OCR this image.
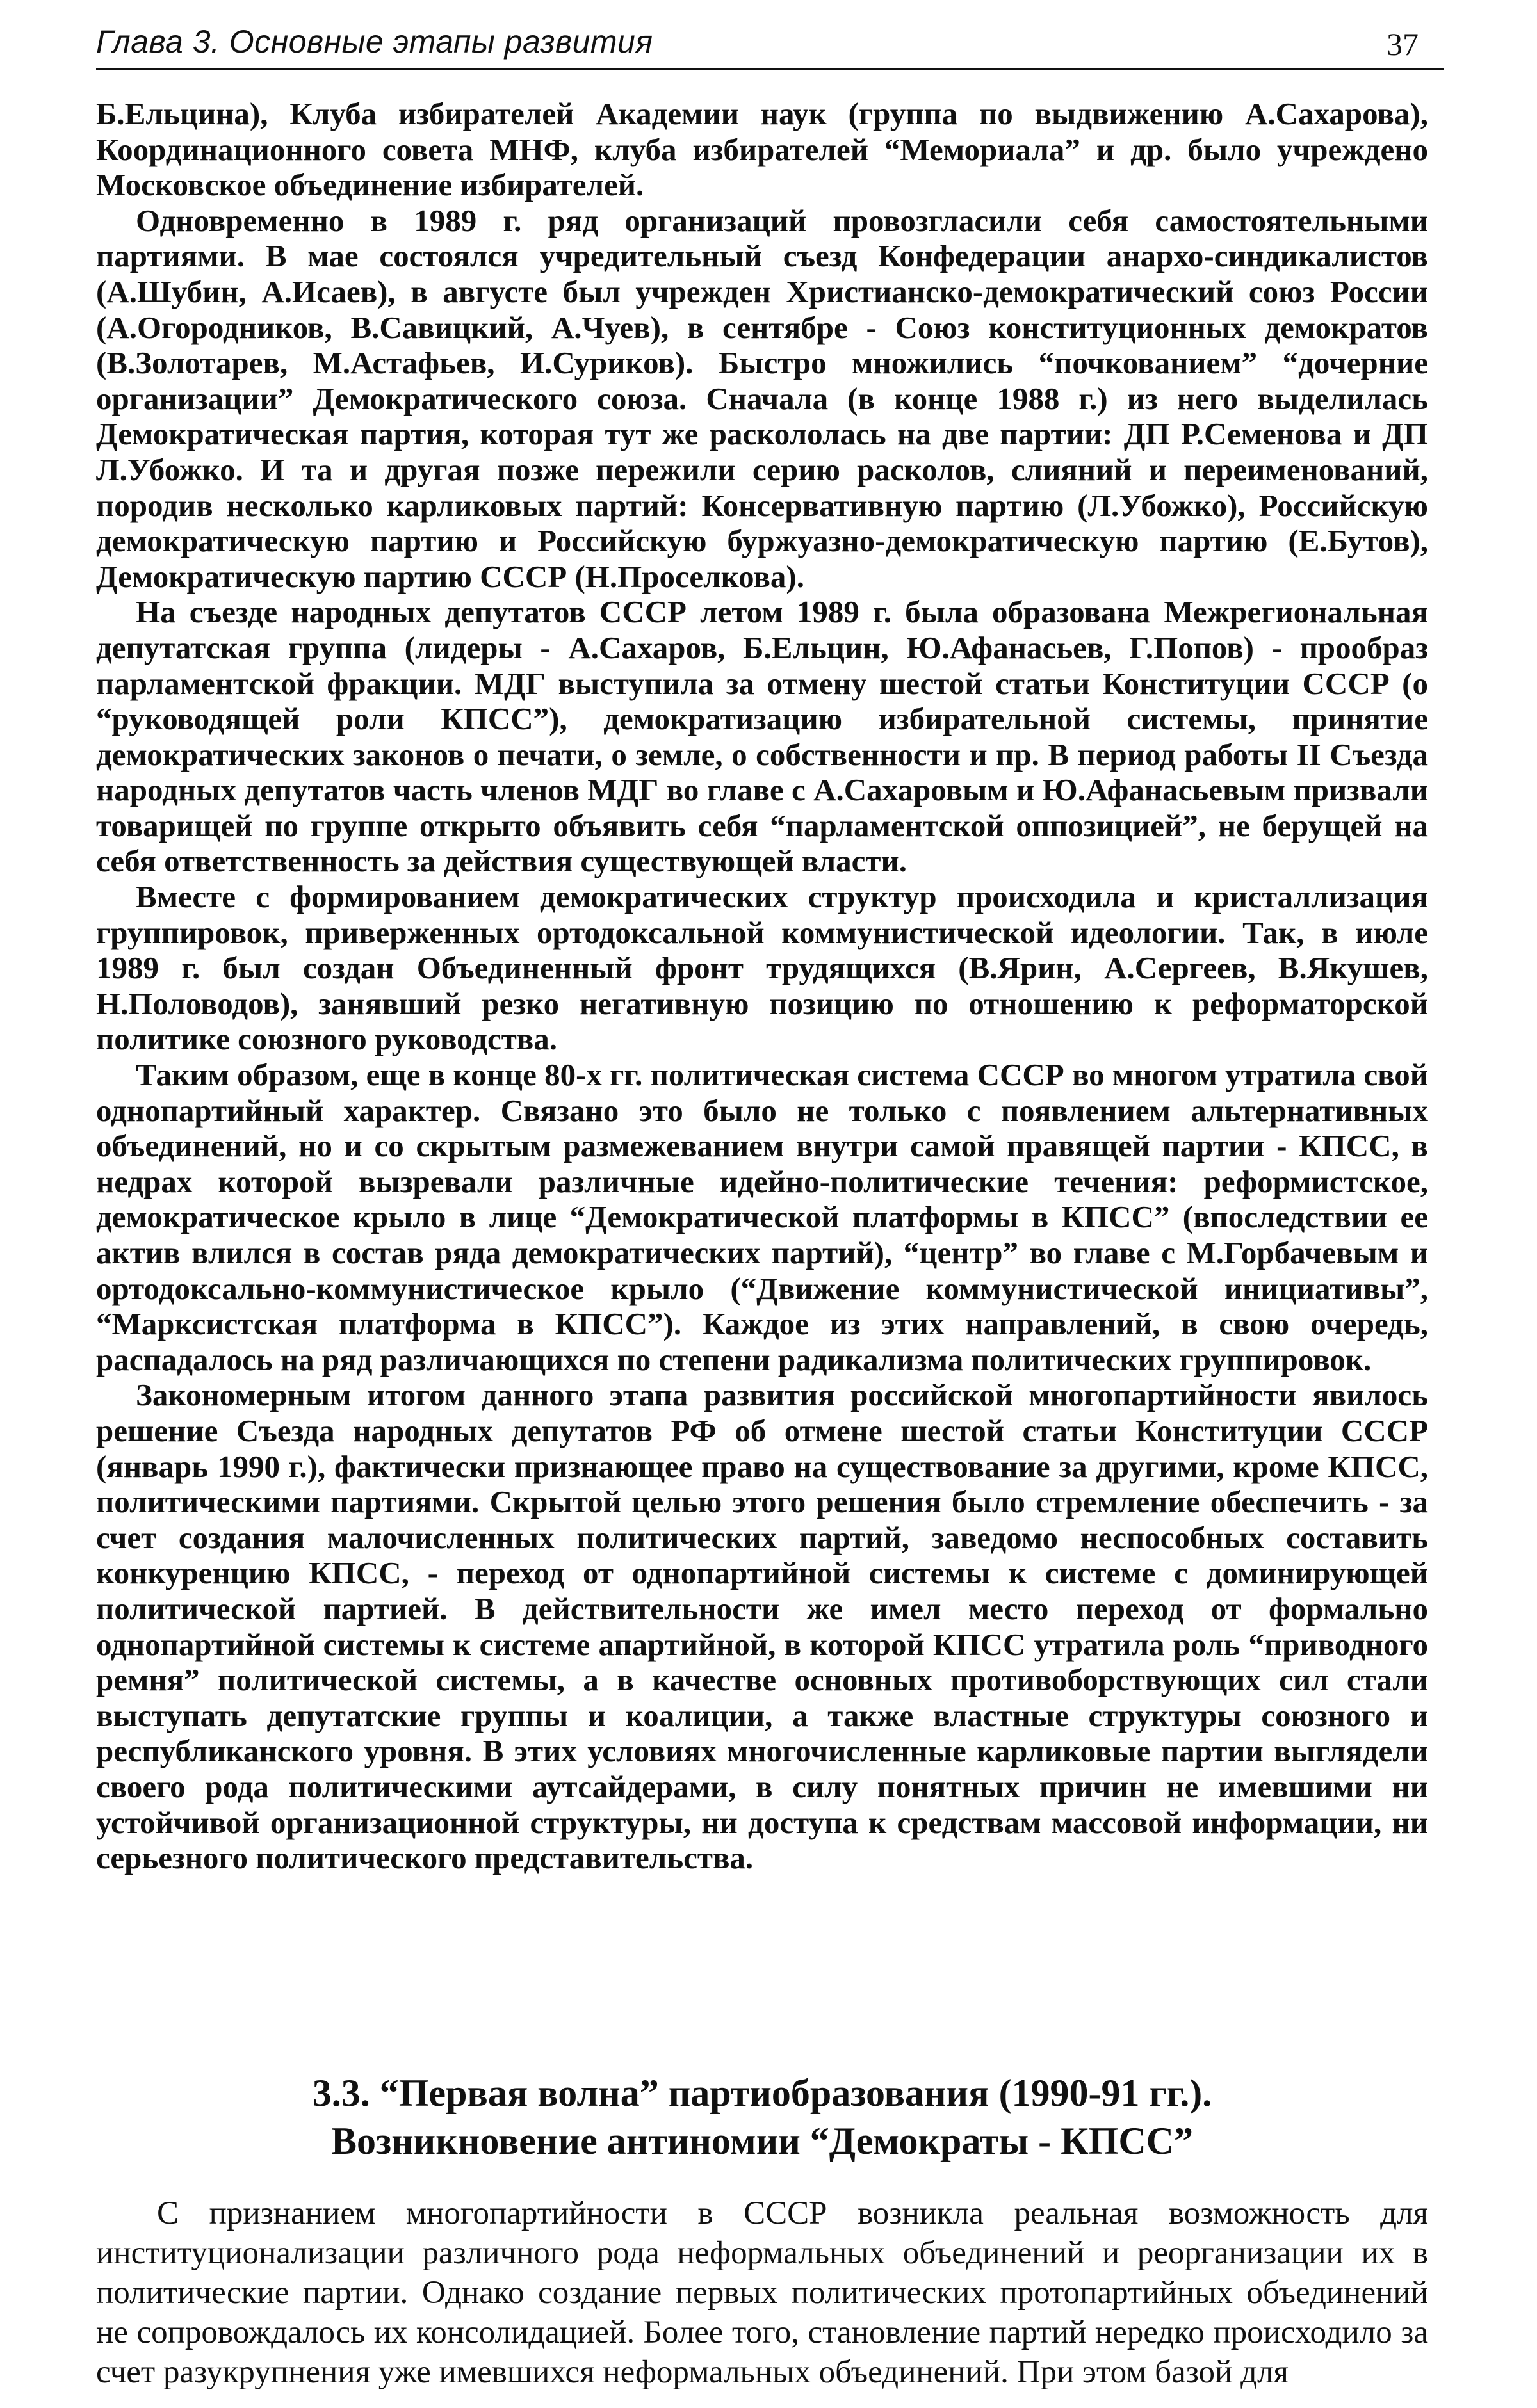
Глава 3. Основные этапы развития	37

Б.Ельцина), Клуба избирателей Академии наук (группа по выдвижению А.Сахарова), Координационного совета МНФ, клуба избирателей “Мемориала” и др. было учреждено Московское объединение избирателей.

Одновременно в 1989 г. ряд организаций провозгласили себя самостоятельными партиями. В мае состоялся учредительный съезд Конфедерации анархо-синдикалистов (А.Шубин, А.Исаев), в августе был учрежден Христианско-демократический союз России (А.Огородников, В.Савицкий, А.Чуев), в сентябре - Союз конституционных демократов (В.Золотарев, М.Астафьев, И.Суриков). Быстро множились “почкованием” “дочерние организации” Демократического союза. Сначала (в конце 1988 г.) из него выделилась Демократическая партия, которая тут же раскололась на две партии: ДП Р.Семенова и ДП Л.Убожко. И та и другая позже пережили серию расколов, слияний и переименований, породив несколько карликовых партий: Консервативную партию (Л.Убожко), Российскую демократическую партию и Российскую буржуазно-демократическую партию (Е.Бутов), Демократическую партию СССР (Н.Проселкова).

На съезде народных депутатов СССР летом 1989 г. была образована Межрегиональная депутатская группа (лидеры - А.Сахаров, Б.Ельцин, Ю.Афанасьев, Г.Попов) - прообраз парламентской фракции. МДГ выступила за отмену шестой статьи Конституции СССР (о “руководящей роли КПСС”), демократизацию избирательной системы, принятие демократических законов о печати, о земле, о собственности и пр. В период работы II Съезда народных депутатов часть членов МДГ во главе с А.Сахаровым и Ю.Афанасьевым призвали товарищей по группе открыто объявить себя “парламентской оппозицией”, не берущей на себя ответственность за действия существующей власти.

Вместе с формированием демократических структур происходила и кристаллизация группировок, приверженных ортодоксальной коммунистической идеологии. Так, в июле 1989 г. был создан Объединенный фронт трудящихся (В.Ярин, А.Сергеев, В.Якушев, Н.Половодов), занявший резко негативную позицию по отношению к реформаторской политике союзного руководства.

Таким образом, еще в конце 80-х гг. политическая система СССР во многом утратила свой однопартийный характер. Связано это было не только с появлением альтернативных объединений, но и со скрытым размежеванием внутри самой правящей партии - КПСС, в недрах которой вызревали различные идейно-политические течения: реформистское, демократическое крыло в лице “Демократической платформы в КПСС” (впоследствии ее актив влился в состав ряда демократических партий), “центр” во главе с М.Горбачевым и ортодоксально-коммунистическое крыло (“Движение коммунистической инициативы”, “Марксистская платформа в КПСС”). Каждое из этих направлений, в свою очередь, распадалось на ряд различающихся по степени радикализма политических группировок.

Закономерным итогом данного этапа развития российской многопартийности явилось решение Съезда народных депутатов РФ об отмене шестой статьи Конституции СССР (январь 1990 г.), фактически признающее право на существование за другими, кроме КПСС, политическими партиями. Скрытой целью этого решения было стремление обеспечить - за счет создания малочисленных политических партий, заведомо неспособных составить конкуренцию КПСС, - переход от однопартийной системы к системе с доминирующей политической партией. В действительности же имел место переход от формально однопартийной системы к системе апартийной, в которой КПСС утратила роль “приводного ремня” политической системы, а в качестве основных противоборствующих сил стали выступать депутатские группы и коалиции, а также властные структуры союзного и республиканского уровня. В этих условиях многочисленные карликовые партии выглядели своего рода политическими аутсайдерами, в силу понятных причин не имевшими ни устойчивой организационной структуры, ни доступа к средствам массовой информации, ни серьезного политического представительства.

3.3. “Первая волна” партиобразования (1990-91 гг.).
Возникновение антиномии “Демократы - КПСС”

С признанием многопартийности в СССР возникла реальная возможность для институционализации различного рода неформальных объединений и реорганизации их в политические партии. Однако создание первых политических протопартийных объединений не сопровождалось их консолидацией. Более того, становление партий нередко происходило за счет разукрупнения уже имевшихся неформальных объединений. При этом базой для
